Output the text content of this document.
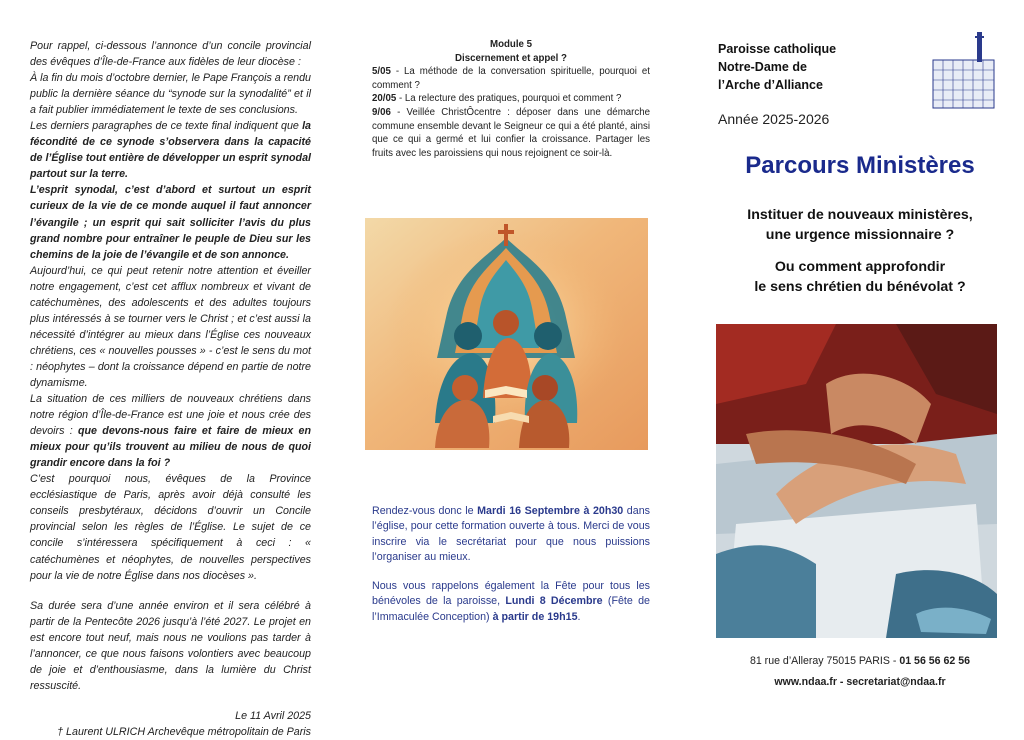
Pour rappel, ci-dessous l’annonce d’un concile provincial des évêques d’Île-de-France aux fidèles de leur diocèse :

À la fin du mois d’octobre dernier, le Pape François a rendu public la dernière séance du “synode sur la synodalité” et il a fait publier immédiatement le texte de ses conclusions.

Les derniers paragraphes de ce texte final indiquent que la fécondité de ce synode s’observera dans la capacité de l’Église tout entière de développer un esprit synodal partout sur la terre.

L’esprit synodal, c’est d’abord et surtout un esprit curieux de la vie de ce monde auquel il faut annoncer l’évangile ; un esprit qui sait solliciter l’avis du plus grand nombre pour entraîner le peuple de Dieu sur les chemins de la joie de l’évangile et de son annonce.

Aujourd’hui, ce qui peut retenir notre attention et éveiller notre engagement, c’est cet afflux nombreux et vivant de catéchumènes, des adolescents et des adultes toujours plus intéressés à se tourner vers le Christ ; et c’est aussi la nécessité d’intégrer au mieux dans l’Église ces nouveaux chrétiens, ces « nouvelles pousses » - c’est le sens du mot : néophytes – dont la croissance dépend en partie de notre dynamisme.

La situation de ces milliers de nouveaux chrétiens dans notre région d’Île-de-France est une joie et nous crée des devoirs : que devons-nous faire et faire de mieux en mieux pour qu’ils trouvent au milieu de nous de quoi grandir encore dans la foi ?

C’est pourquoi nous, évêques de la Province ecclésiastique de Paris, après avoir déjà consulté les conseils presbytéraux, décidons d’ouvrir un Concile provincial selon les règles de l’Église. Le sujet de ce concile s’intéressera spécifiquement à ceci : « catéchumènes et néophytes, de nouvelles perspectives pour la vie de notre Église dans nos diocèses ».

Sa durée sera d’une année environ et il sera célébré à partir de la Pentecôte 2026 jusqu’à l’été 2027. Le projet en est encore tout neuf, mais nous ne voulions pas tarder à l’annoncer, ce que nous faisons volontiers avec beaucoup de joie et d’enthousiasme, dans la lumière du Christ ressuscité.

Le 11 Avril 2025

† Laurent ULRICH Archevêque métropolitain de Paris

Module 5
Discernement et appel ?

5/05 - La méthode de la conversation spirituelle, pourquoi et comment ?

20/05 - La relecture des pratiques, pourquoi et comment ?

9/06 - Veillée ChristÔcentre : déposer dans une démarche commune ensemble devant le Seigneur ce qui a été planté, ainsi que ce qui a germé et lui confier la croissance. Partager les fruits avec les paroissiens qui nous rejoignent ce soir-là.

Rendez-vous donc le Mardi 16 Septembre à 20h30 dans l’église, pour cette formation ouverte à tous. Merci de vous inscrire via le secrétariat pour que nous puissions l’organiser au mieux.

Nous vous rappelons également la Fête pour tous les bénévoles de la paroisse, Lundi 8 Décembre (Fête de l’Immaculée Conception) à partir de 19h15.

Paroisse catholique
Notre-Dame de
l’Arche d’Alliance
Année 2025-2026
Parcours Ministères

Instituer de nouveaux ministères,

une urgence missionnaire ?

Ou comment approfondir

le sens chrétien du bénévolat ?

81 rue d’Alleray 75015 PARIS - 01 56 56 62 56
www.ndaa.fr - secretariat@ndaa.fr
